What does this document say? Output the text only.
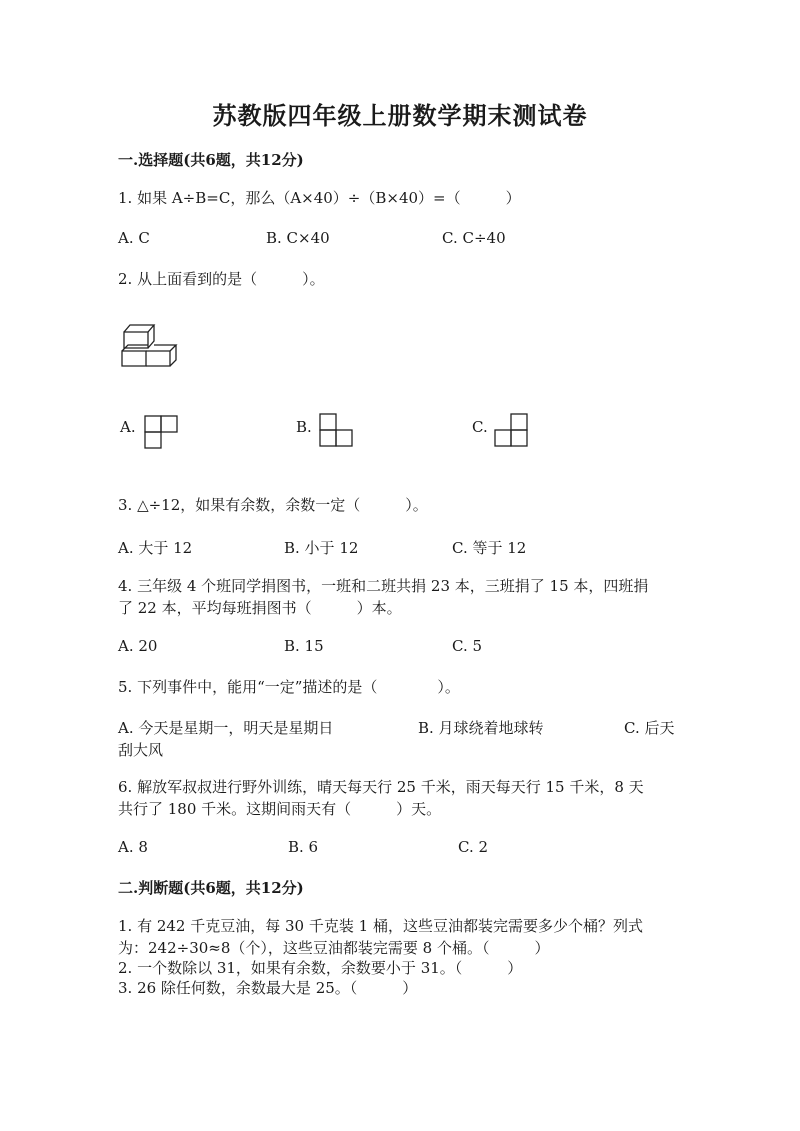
苏教版四年级上册数学期末测试卷
一.选择题(共6题，共12分)
1. 如果 A÷B=C，那么（A×40）÷（B×40）=（　　　）
A. C	B. C×40	C. C÷40
2. 从上面看到的是（　　　）。
A.	B.	C.
3. △÷12，如果有余数，余数一定（　　　）。
A. 大于 12	B. 小于 12	C. 等于 12
4. 三年级 4 个班同学捐图书，一班和二班共捐 23 本，三班捐了 15 本，四班捐
了 22 本，平均每班捐图书（　　　）本。
A. 20	B. 15	C. 5
5. 下列事件中，能用“一定”描述的是（　　　　）。
A. 今天是星期一，明天是星期日	B. 月球绕着地球转	C. 后天
刮大风
6. 解放军叔叔进行野外训练，晴天每天行 25 千米，雨天每天行 15 千米，8 天
共行了 180 千米。这期间雨天有（　　　）天。
A. 8	B. 6	C. 2
二.判断题(共6题，共12分)
1. 有 242 千克豆油，每 30 千克装 1 桶，这些豆油都装完需要多少个桶？列式
为：242÷30≈8（个），这些豆油都装完需要 8 个桶。（　　　）
2. 一个数除以 31，如果有余数，余数要小于 31。（　　　）
3. 26 除任何数，余数最大是 25。（　　　）
